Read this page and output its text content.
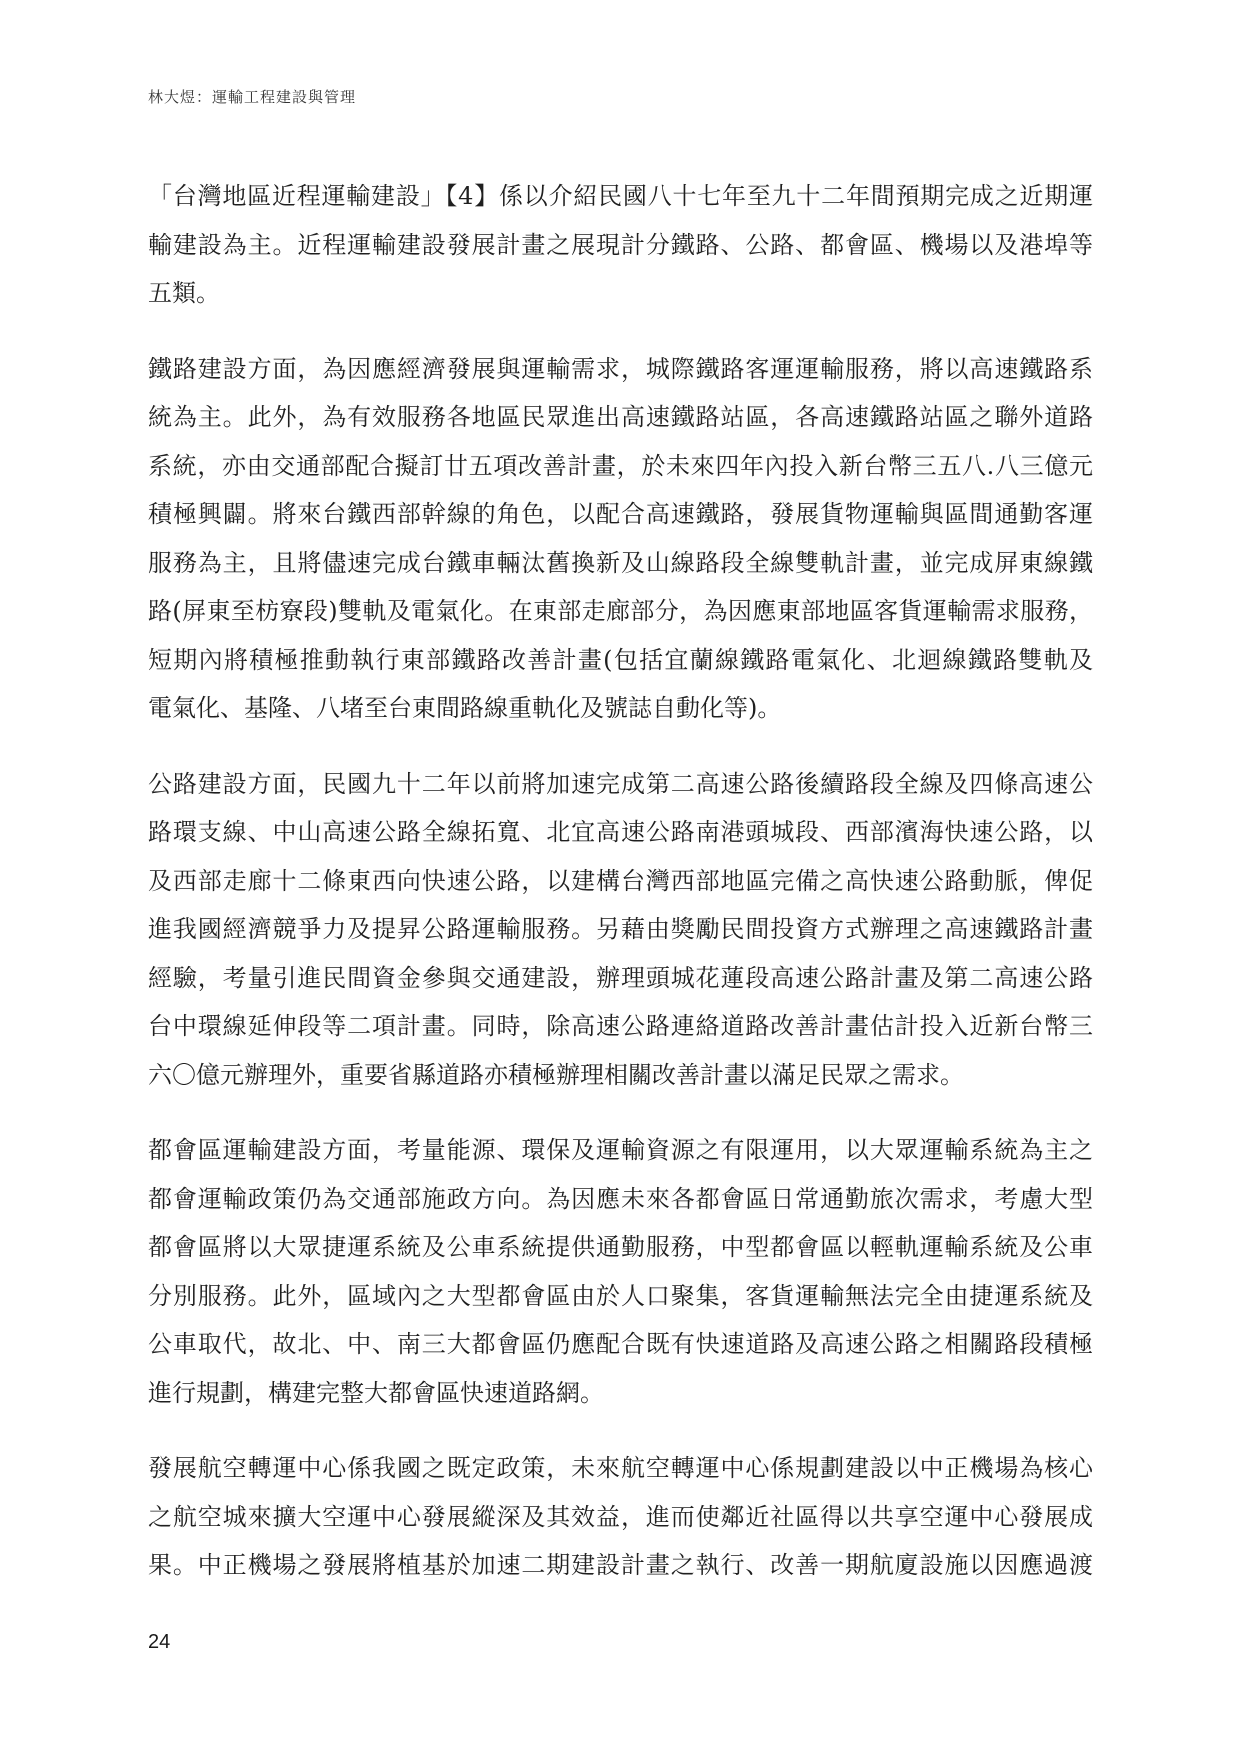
林大煜：運輸工程建設與管理

「台灣地區近程運輸建設」【4】係以介紹民國八十七年至九十二年間預期完成之近期運
輸建設為主。近程運輸建設發展計畫之展現計分鐵路、公路、都會區、機場以及港埠等
五類。

鐵路建設方面，為因應經濟發展與運輸需求，城際鐵路客運運輸服務，將以高速鐵路系
統為主。此外，為有效服務各地區民眾進出高速鐵路站區，各高速鐵路站區之聯外道路
系統，亦由交通部配合擬訂廿五項改善計畫，於未來四年內投入新台幣三五八.八三億元
積極興闢。將來台鐵西部幹線的角色，以配合高速鐵路，發展貨物運輸與區間通勤客運
服務為主，且將儘速完成台鐵車輛汰舊換新及山線路段全線雙軌計畫，並完成屏東線鐵
路(屏東至枋寮段)雙軌及電氣化。在東部走廊部分，為因應東部地區客貨運輸需求服務，
短期內將積極推動執行東部鐵路改善計畫(包括宜蘭線鐵路電氣化、北迴線鐵路雙軌及
電氣化、基隆、八堵至台東間路線重軌化及號誌自動化等)。

公路建設方面，民國九十二年以前將加速完成第二高速公路後續路段全線及四條高速公
路環支線、中山高速公路全線拓寬、北宜高速公路南港頭城段、西部濱海快速公路，以
及西部走廊十二條東西向快速公路，以建構台灣西部地區完備之高快速公路動脈，俾促
進我國經濟競爭力及提昇公路運輸服務。另藉由獎勵民間投資方式辦理之高速鐵路計畫
經驗，考量引進民間資金參與交通建設，辦理頭城花蓮段高速公路計畫及第二高速公路
台中環線延伸段等二項計畫。同時，除高速公路連絡道路改善計畫估計投入近新台幣三
六〇億元辦理外，重要省縣道路亦積極辦理相關改善計畫以滿足民眾之需求。

都會區運輸建設方面，考量能源、環保及運輸資源之有限運用，以大眾運輸系統為主之
都會運輸政策仍為交通部施政方向。為因應未來各都會區日常通勤旅次需求，考慮大型
都會區將以大眾捷運系統及公車系統提供通勤服務，中型都會區以輕軌運輸系統及公車
分別服務。此外，區域內之大型都會區由於人口聚集，客貨運輸無法完全由捷運系統及
公車取代，故北、中、南三大都會區仍應配合既有快速道路及高速公路之相關路段積極
進行規劃，構建完整大都會區快速道路網。

發展航空轉運中心係我國之既定政策，未來航空轉運中心係規劃建設以中正機場為核心
之航空城來擴大空運中心發展縱深及其效益，進而使鄰近社區得以共享空運中心發展成
果。中正機場之發展將植基於加速二期建設計畫之執行、改善一期航廈設施以因應過渡

24
